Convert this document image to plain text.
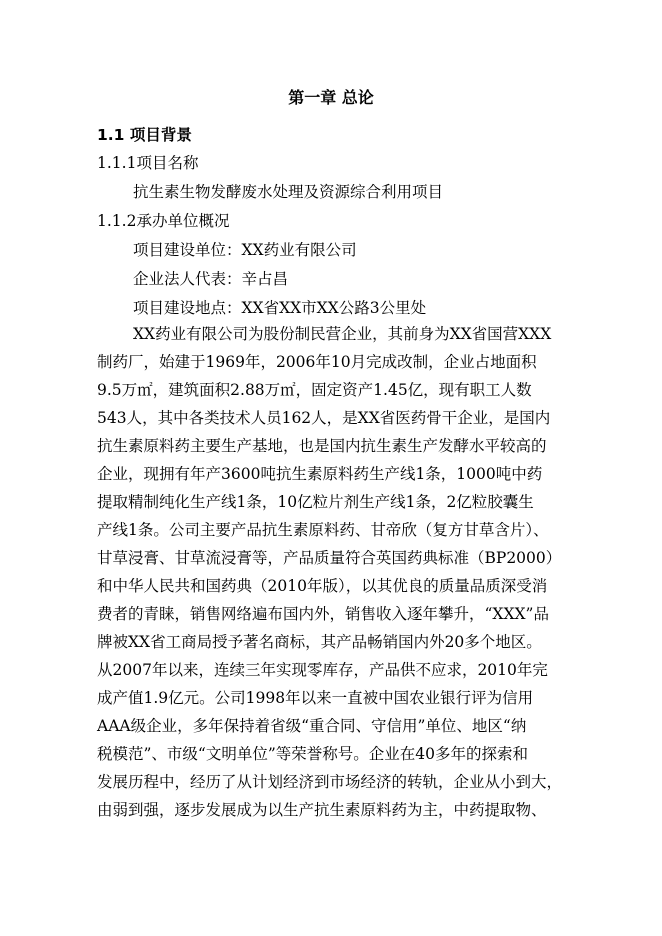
第一章 总论
1.1 项目背景
1.1.1项目名称
抗生素生物发酵废水处理及资源综合利用项目
1.1.2承办单位概况
项目建设单位：XX药业有限公司
企业法人代表：辛占昌
项目建设地点：XX省XX市XX公路3公里处
XX药业有限公司为股份制民营企业，其前身为XX省国营XXX
制药厂，始建于1969年，2006年10月完成改制，企业占地面积
9.5万㎡，建筑面积2.88万㎡，固定资产1.45亿，现有职工人数
543人，其中各类技术人员162人，是XX省医药骨干企业，是国内
抗生素原料药主要生产基地，也是国内抗生素生产发酵水平较高的
企业，现拥有年产3600吨抗生素原料药生产线1条，1000吨中药
提取精制纯化生产线1条，10亿粒片剂生产线1条，2亿粒胶囊生
产线1条。公司主要产品抗生素原料药、甘帝欣（复方甘草含片）、
甘草浸膏、甘草流浸膏等，产品质量符合英国药典标准（BP2000）
和中华人民共和国药典（2010年版），以其优良的质量品质深受消
费者的青睐，销售网络遍布国内外，销售收入逐年攀升，“XXX”品
牌被XX省工商局授予著名商标，其产品畅销国内外20多个地区。
从2007年以来，连续三年实现零库存，产品供不应求，2010年完
成产值1.9亿元。公司1998年以来一直被中国农业银行评为信用
AAA级企业，多年保持着省级“重合同、守信用”单位、地区“纳
税模范”、市级“文明单位”等荣誉称号。企业在40多年的探索和
发展历程中，经历了从计划经济到市场经济的转轨，企业从小到大，
由弱到强，逐步发展成为以生产抗生素原料药为主，中药提取物、
